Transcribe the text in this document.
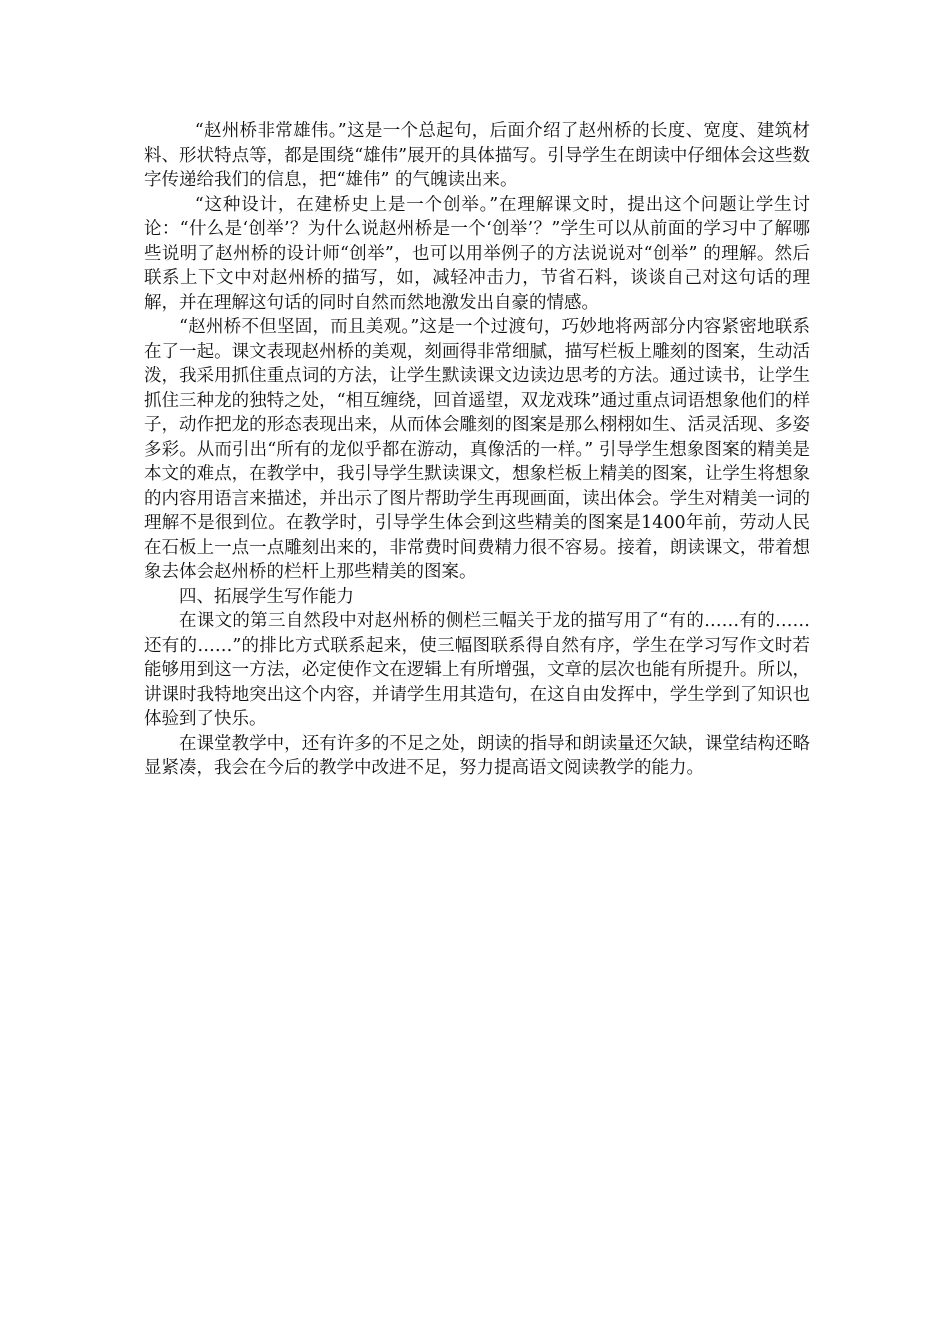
“赵州桥非常雄伟。”这是一个总起句，后面介绍了赵州桥的长度、宽度、建筑材料、形状特点等，都是围绕“雄伟”展开的具体描写。引导学生在朗读中仔细体会这些数字传递给我们的信息，把“雄伟” 的气魄读出来。

“这种设计，在建桥史上是一个创举。”在理解课文时，提出这个问题让学生讨论：“什么是‘创举’？为什么说赵州桥是一个‘创举’？”学生可以从前面的学习中了解哪些说明了赵州桥的设计师“创举”，也可以用举例子的方法说说对“创举” 的理解。然后联系上下文中对赵州桥的描写，如，减轻冲击力，节省石料，谈谈自己对这句话的理解，并在理解这句话的同时自然而然地激发出自豪的情感。

“赵州桥不但坚固，而且美观。”这是一个过渡句，巧妙地将两部分内容紧密地联系在了一起。课文表现赵州桥的美观，刻画得非常细腻，描写栏板上雕刻的图案，生动活泼，我采用抓住重点词的方法，让学生默读课文边读边思考的方法。通过读书，让学生抓住三种龙的独特之处，“相互缠绕，回首遥望，双龙戏珠”通过重点词语想象他们的样子，动作把龙的形态表现出来，从而体会雕刻的图案是那么栩栩如生、活灵活现、多姿多彩。从而引出“所有的龙似乎都在游动，真像活的一样。” 引导学生想象图案的精美是本文的难点，在教学中，我引导学生默读课文，想象栏板上精美的图案，让学生将想象的内容用语言来描述，并出示了图片帮助学生再现画面，读出体会。学生对精美一词的理解不是很到位。在教学时，引导学生体会到这些精美的图案是1400年前，劳动人民在石板上一点一点雕刻出来的，非常费时间费精力很不容易。接着，朗读课文，带着想象去体会赵州桥的栏杆上那些精美的图案。

四、拓展学生写作能力

在课文的第三自然段中对赵州桥的侧栏三幅关于龙的描写用了“有的……有的……还有的……”的排比方式联系起来，使三幅图联系得自然有序，学生在学习写作文时若能够用到这一方法，必定使作文在逻辑上有所增强，文章的层次也能有所提升。所以，讲课时我特地突出这个内容，并请学生用其造句，在这自由发挥中，学生学到了知识也体验到了快乐。

在课堂教学中，还有许多的不足之处，朗读的指导和朗读量还欠缺，课堂结构还略显紧凑，我会在今后的教学中改进不足，努力提高语文阅读教学的能力。
